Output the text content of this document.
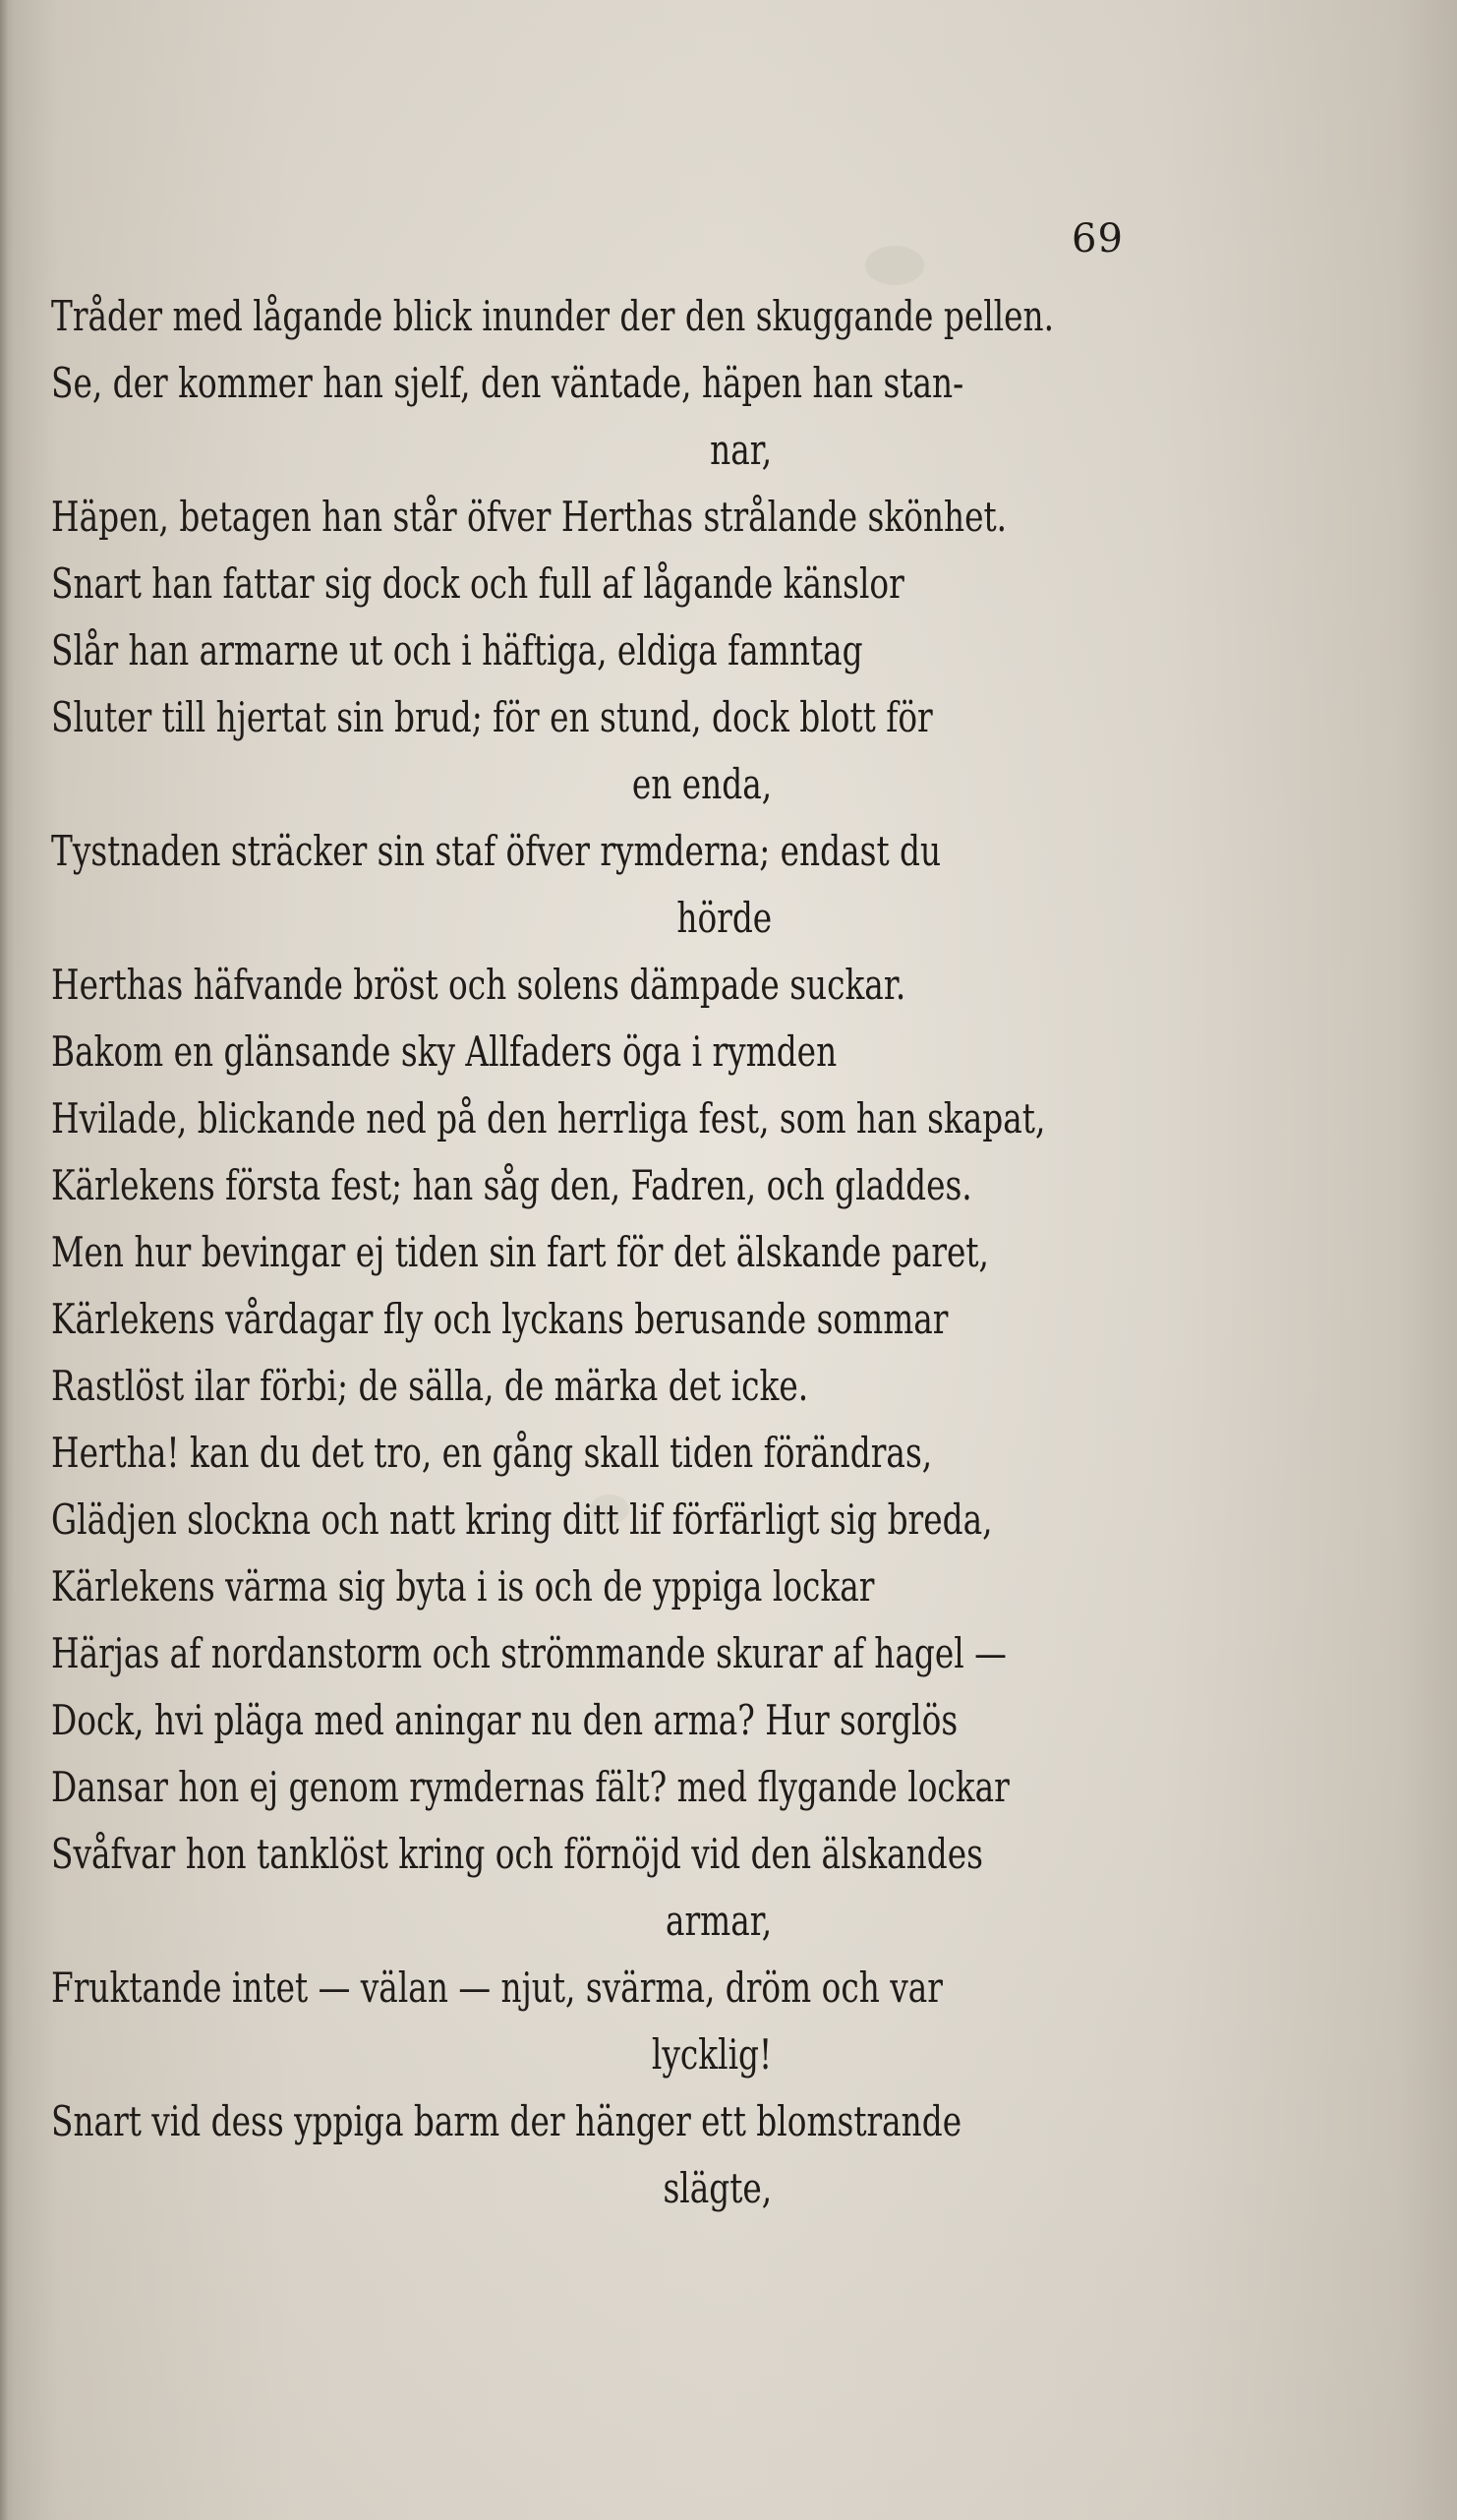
69
Tråder med lågande blick inunder der den skuggande pellen.
Se, der kommer han sjelf, den väntade, häpen han stan-
nar,
Häpen, betagen han står öfver Herthas strålande skönhet.
Snart han fattar sig dock och full af lågande känslor
Slår han armarne ut och i häftiga, eldiga famntag
Sluter till hjertat sin brud; för en stund, dock blott för
en enda,
Tystnaden sträcker sin staf öfver rymderna; endast du
hörde
Herthas häfvande bröst och solens dämpade suckar.
Bakom en glänsande sky Allfaders öga i rymden
Hvilade, blickande ned på den herrliga fest, som han skapat,
Kärlekens första fest; han såg den, Fadren, och gladdes.
Men hur bevingar ej tiden sin fart för det älskande paret,
Kärlekens vårdagar fly och lyckans berusande sommar
Rastlöst ilar förbi; de sälla, de märka det icke.
Hertha! kan du det tro, en gång skall tiden förändras,
Glädjen slockna och natt kring ditt lif förfärligt sig breda,
Kärlekens värma sig byta i is och de yppiga lockar
Härjas af nordanstorm och strömmande skurar af hagel —
Dock, hvi pläga med aningar nu den arma? Hur sorglös
Dansar hon ej genom rymdernas fält? med flygande lockar
Svåfvar hon tanklöst kring och förnöjd vid den älskandes
armar,
Fruktande intet — välan — njut, svärma, dröm och var
lycklig!
Snart vid dess yppiga barm der hänger ett blomstrande
slägte,
